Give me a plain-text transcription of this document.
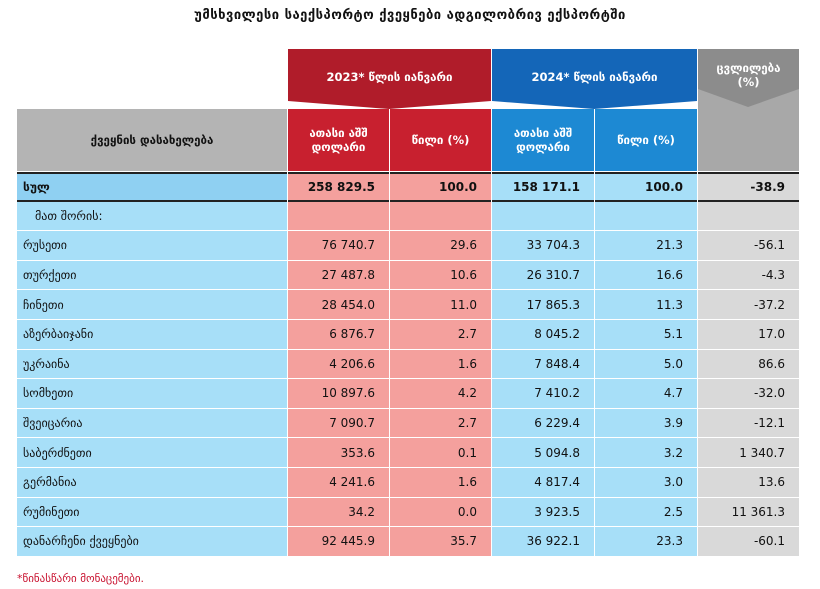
უმსხვილესი საექსპორტო ქვეყნები ადგილობრივ ექსპორტში
ქვეყნის დასახელება
2023* წლის იანვარი
ათასი აშშ დოლარი	წილი (%)
2024* წლის იანვარი
ათასი აშშ დოლარი	წილი (%)
ცვლილება (%)
სულ	258 829.5	100.0	158 171.1	100.0	-38.9
მათ შორის:
რუსეთი	76 740.7	29.6	33 704.3	21.3	-56.1
თურქეთი	27 487.8	10.6	26 310.7	16.6	-4.3
ჩინეთი	28 454.0	11.0	17 865.3	11.3	-37.2
აზერბაიჯანი	6 876.7	2.7	8 045.2	5.1	17.0
უკრაინა	4 206.6	1.6	7 848.4	5.0	86.6
სომხეთი	10 897.6	4.2	7 410.2	4.7	-32.0
შვეიცარია	7 090.7	2.7	6 229.4	3.9	-12.1
საბერძნეთი	353.6	0.1	5 094.8	3.2	1 340.7
გერმანია	4 241.6	1.6	4 817.4	3.0	13.6
რუმინეთი	34.2	0.0	3 923.5	2.5	11 361.3
დანარჩენი ქვეყნები	92 445.9	35.7	36 922.1	23.3	-60.1
*წინასწარი მონაცემები.
